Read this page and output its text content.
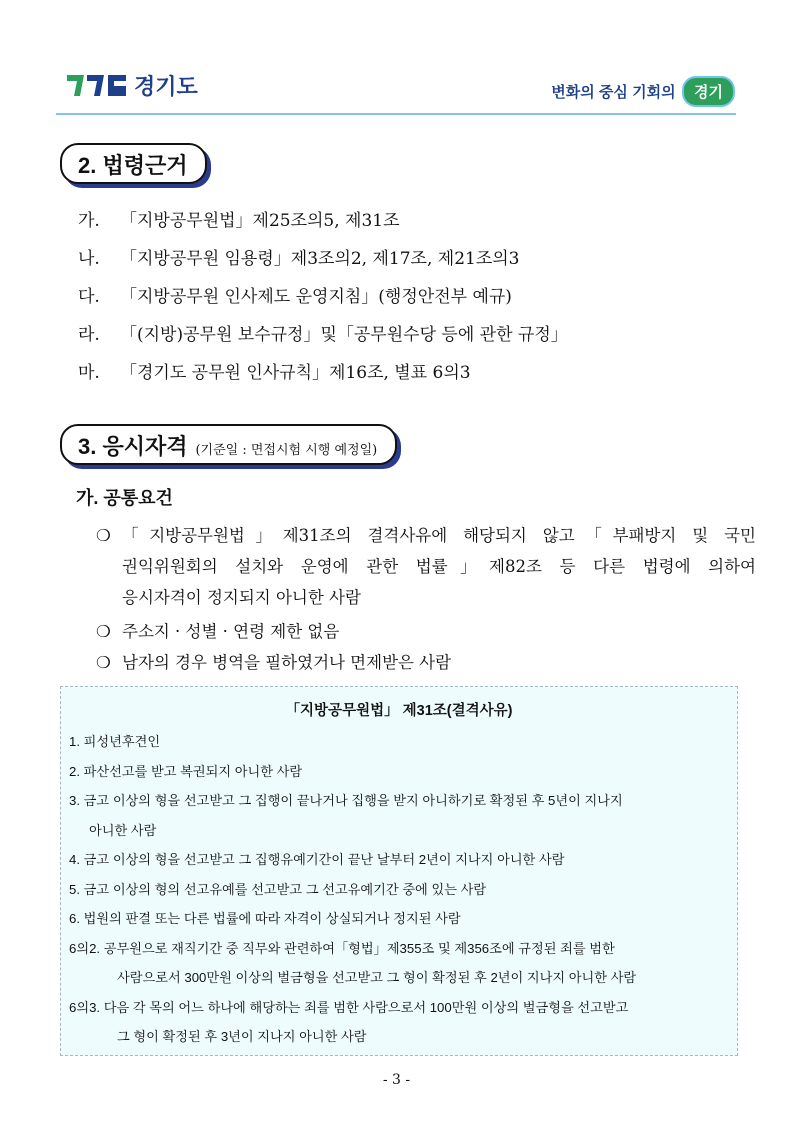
경기도	변화의 중심 기회의 경기
2. 법령근거
가. 「지방공무원법」제25조의5, 제31조
나. 「지방공무원 임용령」제3조의2, 제17조, 제21조의3
다. 「지방공무원 인사제도 운영지침」(행정안전부 예규)
라. 「(지방)공무원 보수규정」및「공무원수당 등에 관한 규정」
마. 「경기도 공무원 인사규칙」제16조, 별표 6의3
3. 응시자격 (기준일 : 면접시험 시행 예정일)
가. 공통요건
❍ 「지방공무원법」제31조의 결격사유에 해당되지 않고「부패방지 및 국민
권익위원회의 설치와 운영에 관한 법률」제82조 등 다른 법령에 의하여
응시자격이 정지되지 아니한 사람
❍ 주소지 · 성별 · 연령 제한 없음
❍ 남자의 경우 병역을 필하였거나 면제받은 사람
「지방공무원법」 제31조(결격사유)
1. 피성년후견인
2. 파산선고를 받고 복권되지 아니한 사람
3. 금고 이상의 형을 선고받고 그 집행이 끝나거나 집행을 받지 아니하기로 확정된 후 5년이 지나지
아니한 사람
4. 금고 이상의 형을 선고받고 그 집행유예기간이 끝난 날부터 2년이 지나지 아니한 사람
5. 금고 이상의 형의 선고유예를 선고받고 그 선고유예기간 중에 있는 사람
6. 법원의 판결 또는 다른 법률에 따라 자격이 상실되거나 정지된 사람
6의2. 공무원으로 재직기간 중 직무와 관련하여「형법」제355조 및 제356조에 규정된 죄를 범한
사람으로서 300만원 이상의 벌금형을 선고받고 그 형이 확정된 후 2년이 지나지 아니한 사람
6의3. 다음 각 목의 어느 하나에 해당하는 죄를 범한 사람으로서 100만원 이상의 벌금형을 선고받고
그 형이 확정된 후 3년이 지나지 아니한 사람
- 3 -
